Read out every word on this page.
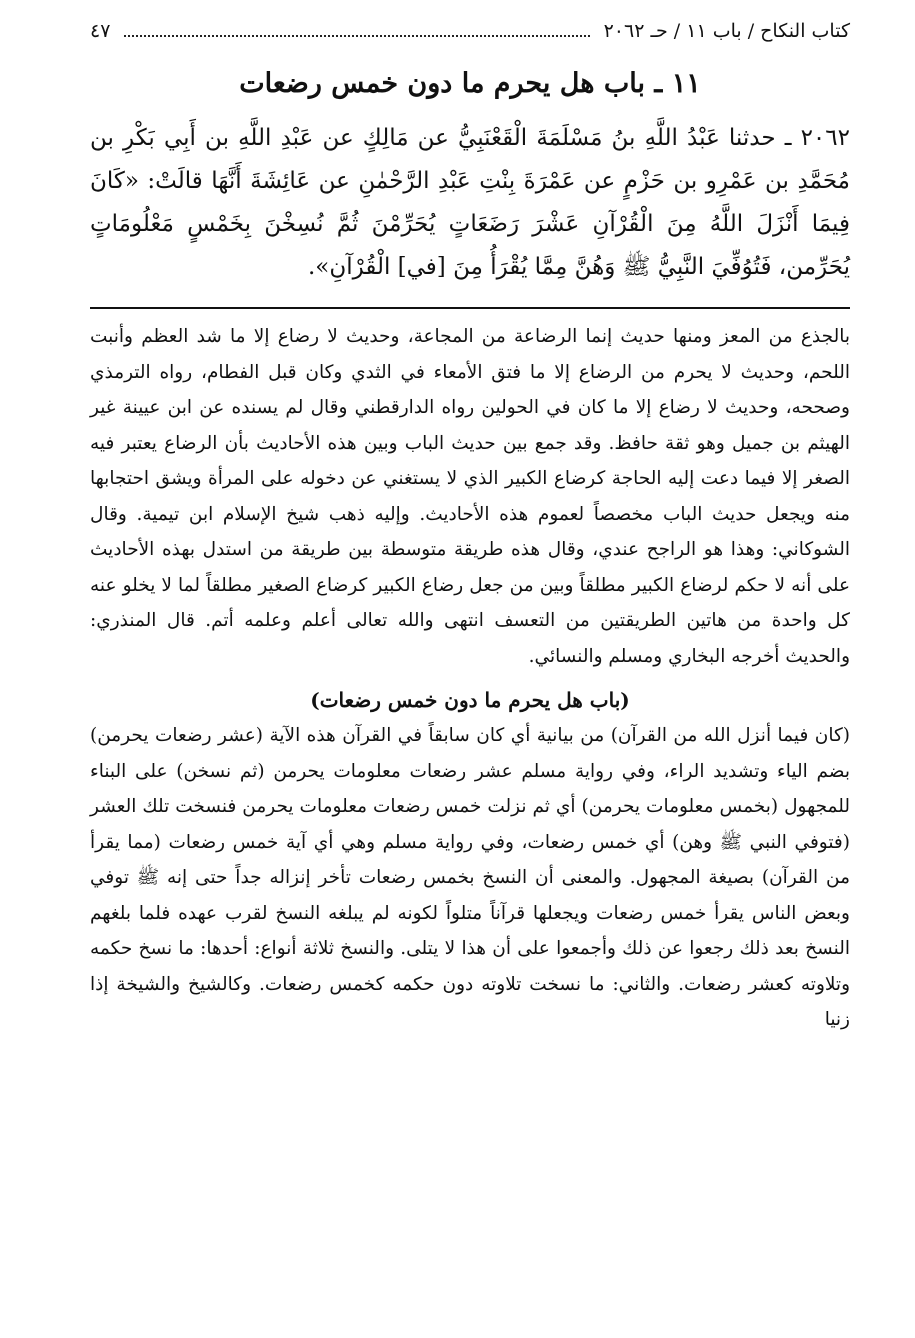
كتاب النكاح / باب ١١ / حـ ٢٠٦٢
٤٧
١١ ـ باب هل يحرم ما دون خمس رضعات

٢٠٦٢ ـ حدثنا عَبْدُ اللَّهِ بنُ مَسْلَمَةَ الْقَعْنَبِيُّ عن مَالِكٍ عن عَبْدِ اللَّهِ بن أَبِي بَكْرِ بن مُحَمَّدِ بن عَمْرِو بن حَزْمٍ عن عَمْرَةَ بِنْتِ عَبْدِ الرَّحْمٰنِ عن عَائِشَةَ أَنَّهَا قالَتْ: «كَانَ فِيمَا أَنْزَلَ اللَّهُ مِنَ الْقُرْآنِ عَشْرَ رَضَعَاتٍ يُحَرِّمْنَ ثُمَّ نُسِخْنَ بِخَمْسٍ مَعْلُومَاتٍ يُحَرِّمن، فَتُوُفِّيَ النَّبِيُّ ﷺ وَهُنَّ مِمَّا يُقْرَأُ مِنَ [في] الْقُرْآنِ».

بالجذع من المعز ومنها حديث إنما الرضاعة من المجاعة، وحديث لا رضاع إلا ما شد العظم وأنبت اللحم، وحديث لا يحرم من الرضاع إلا ما فتق الأمعاء في الثدي وكان قبل الفطام، رواه الترمذي وصححه، وحديث لا رضاع إلا ما كان في الحولين رواه الدارقطني وقال لم يسنده عن ابن عيينة غير الهيثم بن جميل وهو ثقة حافظ. وقد جمع بين حديث الباب وبين هذه الأحاديث بأن الرضاع يعتبر فيه الصغر إلا فيما دعت إليه الحاجة كرضاع الكبير الذي لا يستغني عن دخوله على المرأة ويشق احتجابها منه ويجعل حديث الباب مخصصاً لعموم هذه الأحاديث. وإليه ذهب شيخ الإسلام ابن تيمية. وقال الشوكاني: وهذا هو الراجح عندي، وقال هذه طريقة متوسطة بين طريقة من استدل بهذه الأحاديث على أنه لا حكم لرضاع الكبير مطلقاً وبين من جعل رضاع الكبير كرضاع الصغير مطلقاً لما لا يخلو عنه كل واحدة من هاتين الطريقتين من التعسف انتهى والله تعالى أعلم وعلمه أتم. قال المنذري: والحديث أخرجه البخاري ومسلم والنسائي.

(باب هل يحرم ما دون خمس رضعات)

(كان فيما أنزل الله من القرآن) من بيانية أي كان سابقاً في القرآن هذه الآية (عشر رضعات يحرمن) بضم الياء وتشديد الراء، وفي رواية مسلم عشر رضعات معلومات يحرمن (ثم نسخن) على البناء للمجهول (بخمس معلومات يحرمن) أي ثم نزلت خمس رضعات معلومات يحرمن فنسخت تلك العشر (فتوفي النبي ﷺ وهن) أي خمس رضعات، وفي رواية مسلم وهي أي آية خمس رضعات (مما يقرأ من القرآن) بصيغة المجهول. والمعنى أن النسخ بخمس رضعات تأخر إنزاله جداً حتى إنه ﷺ توفي وبعض الناس يقرأ خمس رضعات ويجعلها قرآناً متلواً لكونه لم يبلغه النسخ لقرب عهده فلما بلغهم النسخ بعد ذلك رجعوا عن ذلك وأجمعوا على أن هذا لا يتلى. والنسخ ثلاثة أنواع: أحدها: ما نسخ حكمه وتلاوته كعشر رضعات. والثاني: ما نسخت تلاوته دون حكمه كخمس رضعات. وكالشيخ والشيخة إذا زنيا
